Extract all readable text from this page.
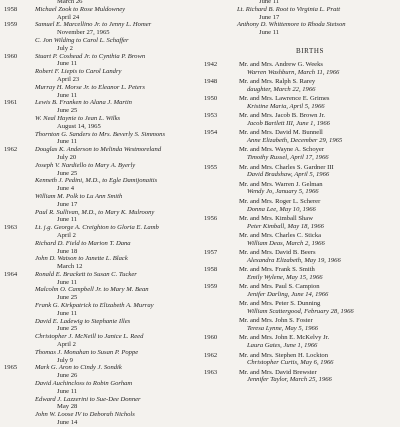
March 26
1958	Michael Zook to Rose Muldowney
April 24
1959	Samuel E. Marcellino Jr. to Jenny L. Homer
November 27, 1965
C. Jon Wilding to Carol L. Schaffer
July 2
1960	Stuart P. Coshead Jr. to Cynthia P. Brown
June 11
Robert F. Liepis to Carol Landry
April 23
Murray H. Morse Jr. to Eleanor L. Peters
June 11
1961	Lewis B. Franken to Alana J. Martin
June 25
W. Neal Haynie to Jean L. Wilks
August 14, 1965
Thornton G. Sanders to Mrs. Beverly S. Simmons
June 11
1962	Douglas K. Anderson to Melinda Westmoreland
July 20
Joseph V. Nardiello to Mary A. Byerly
June 25
Kenneth J. Pedini, M.D., to Egle Damijonaitis
June 4
William M. Polk to Lu Ann Smith
June 17
Paul R. Sullivan, M.D., to Mary K. Mulroony
June 11
1963	Lt. j.g. George A. Creighton to Gloria E. Lamb
April 2
Richard D. Field to Marion T. Dana
June 18
John D. Watson to Janette L. Black
March 12
1964	Ronald E. Brackett to Susan C. Tucker
June 11
Malcolm O. Campbell Jr. to Mary M. Bean
June 25
Frank G. Kirkpatrick to Elizabeth A. Murray
June 11
David E. Ladewig to Stephanie Illes
June 25
Christopher J. McNeill to Janice L. Reed
April 2
Thomas J. Monahan to Susan P. Poppe
July 9
1965	Mark G. Aron to Cindy J. Sondik
June 26
David Auchincloss to Robin Gorham
June 11
Edward J. Lazzerini to Sue-Dee Donner
May 28
John W. Loose IV to Deborah Nichols
June 14
June 11
Lt. Richard B. Root to Virginia L. Pratt
June 17
Anthony D. Whittemore to Rhoda Stetson
June 11
BIRTHS
1942	Mr. and Mrs. Andrew G. Weeks
Warren Washburn, March 11, 1966
1948	Mr. and Mrs. Ralph S. Rarey
daughter, March 22, 1966
1950	Mr. and Mrs. Lawrence E. Grimes
Kristine Maria, April 5, 1966
1953	Mr. and Mrs. Jacob B. Brown Jr.
Jacob Bartlett III, June 1, 1966
1954	Mr. and Mrs. David M. Bunnell
Anne Elizabeth, December 29, 1965
Mr. and Mrs. Wayne A. Schoyer
Timothy Russel, April 17, 1966
1955	Mr. and Mrs. Charles S. Gardner III
David Bradshaw, April 5, 1966
Mr. and Mrs. Warren J. Gelman
Wendy Jo, January 5, 1966
Mr. and Mrs. Roger L. Scherer
Donna Lee, May 10, 1966
1956	Mr. and Mrs. Kimball Shaw
Peter Kimball, May 18, 1966
Mr. and Mrs. Charles C. Sticka
William Deas, March 2, 1966
1957	Mr. and Mrs. David B. Beers
Alexandra Elizabeth, May 19, 1966
1958	Mr. and Mrs. Frank S. Smith
Emily Wylene, May 15, 1966
1959	Mr. and Mrs. Paul S. Campion
Jenifer Darling, June 14, 1966
Mr. and Mrs. Peter S. Dunning
William Scattergood, February 28, 1966
Mr. and Mrs. John S. Foster
Teresa Lynne, May 5, 1966
1960	Mr. and Mrs. John E. McKelvy Jr.
Laura Gates, June 1, 1966
1962	Mr. and Mrs. Stephen H. Lockton
Christopher Curtis, May 6, 1966
1963	Mr. and Mrs. David Brewster
Jennifer Taylor, March 25, 1966
